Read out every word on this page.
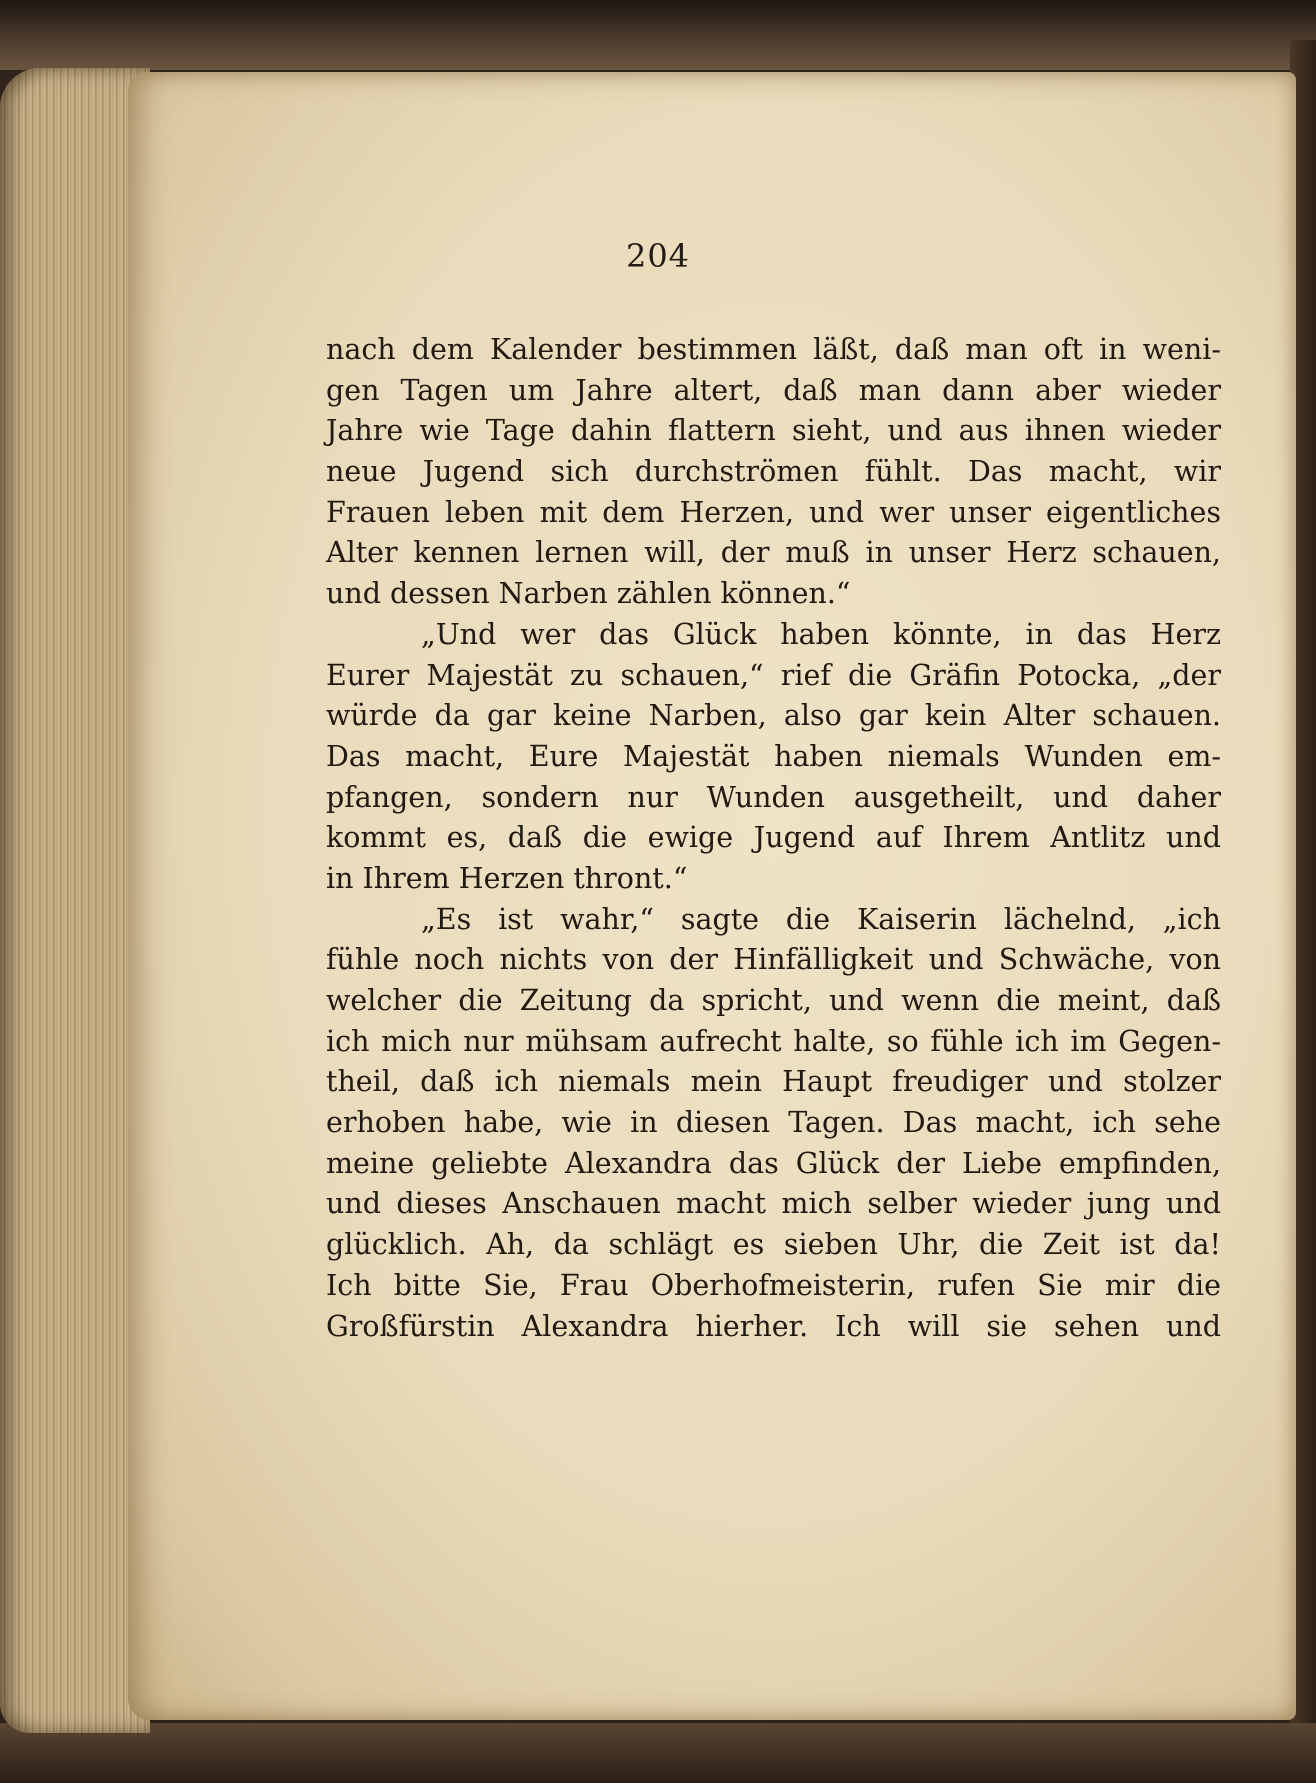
204
nach dem Kalender bestimmen läßt, daß man oft in weni-
gen Tagen um Jahre altert, daß man dann aber wieder
Jahre wie Tage dahin flattern sieht, und aus ihnen wieder
neue Jugend sich durchströmen fühlt. Das macht, wir
Frauen leben mit dem Herzen, und wer unser eigentliches
Alter kennen lernen will, der muß in unser Herz schauen,
und dessen Narben zählen können.“
„Und wer das Glück haben könnte, in das Herz
Eurer Majestät zu schauen,“ rief die Gräfin Potocka, „der
würde da gar keine Narben, also gar kein Alter schauen.
Das macht, Eure Majestät haben niemals Wunden em-
pfangen, sondern nur Wunden ausgetheilt, und daher
kommt es, daß die ewige Jugend auf Ihrem Antlitz und
in Ihrem Herzen thront.“
„Es ist wahr,“ sagte die Kaiserin lächelnd, „ich
fühle noch nichts von der Hinfälligkeit und Schwäche, von
welcher die Zeitung da spricht, und wenn die meint, daß
ich mich nur mühsam aufrecht halte, so fühle ich im Gegen-
theil, daß ich niemals mein Haupt freudiger und stolzer
erhoben habe, wie in diesen Tagen. Das macht, ich sehe
meine geliebte Alexandra das Glück der Liebe empfinden,
und dieses Anschauen macht mich selber wieder jung und
glücklich. Ah, da schlägt es sieben Uhr, die Zeit ist da!
Ich bitte Sie, Frau Oberhofmeisterin, rufen Sie mir die
Großfürstin Alexandra hierher. Ich will sie sehen und
